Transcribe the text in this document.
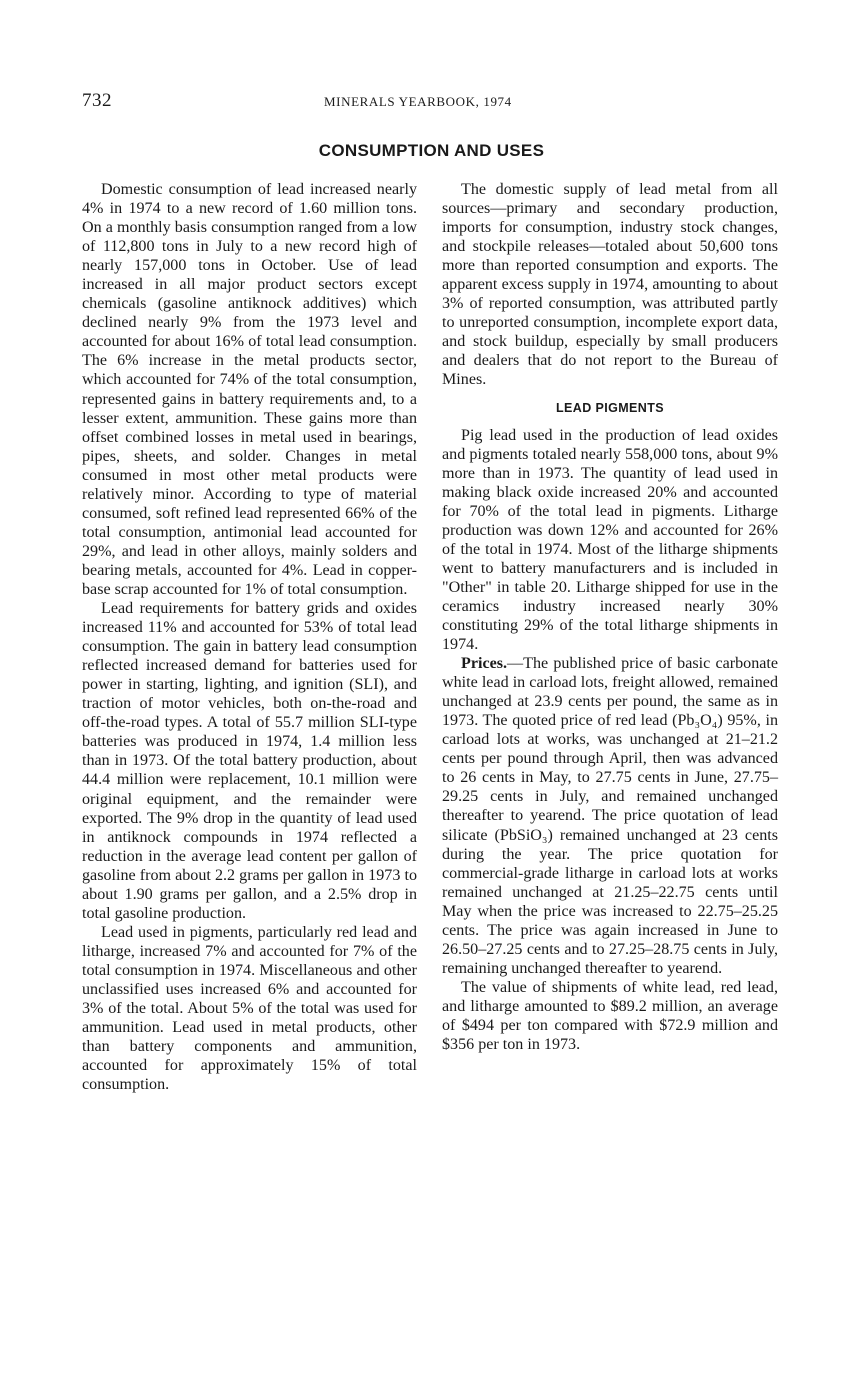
732	MINERALS YEARBOOK, 1974
CONSUMPTION AND USES

Domestic consumption of lead increased nearly 4% in 1974 to a new record of 1.60 million tons. On a monthly basis consumption ranged from a low of 112,800 tons in July to a new record high of nearly 157,000 tons in October. Use of lead increased in all major product sectors except chemicals (gasoline antiknock additives) which declined nearly 9% from the 1973 level and accounted for about 16% of total lead consumption. The 6% increase in the metal products sector, which accounted for 74% of the total consumption, represented gains in battery requirements and, to a lesser extent, ammunition. These gains more than offset combined losses in metal used in bearings, pipes, sheets, and solder. Changes in metal consumed in most other metal products were relatively minor. According to type of material consumed, soft refined lead represented 66% of the total consumption, antimonial lead accounted for 29%, and lead in other alloys, mainly solders and bearing metals, accounted for 4%. Lead in copper-base scrap accounted for 1% of total consumption.

Lead requirements for battery grids and oxides increased 11% and accounted for 53% of total lead consumption. The gain in battery lead consumption reflected increased demand for batteries used for power in starting, lighting, and ignition (SLI), and traction of motor vehicles, both on-the-road and off-the-road types. A total of 55.7 million SLI-type batteries was produced in 1974, 1.4 million less than in 1973. Of the total battery production, about 44.4 million were replacement, 10.1 million were original equipment, and the remainder were exported. The 9% drop in the quantity of lead used in antiknock compounds in 1974 reflected a reduction in the average lead content per gallon of gasoline from about 2.2 grams per gallon in 1973 to about 1.90 grams per gallon, and a 2.5% drop in total gasoline production.

Lead used in pigments, particularly red lead and litharge, increased 7% and accounted for 7% of the total consumption in 1974. Miscellaneous and other unclassified uses increased 6% and accounted for 3% of the total. About 5% of the total was used for ammunition. Lead used in metal products, other than battery components and ammunition, accounted for approximately 15% of total consumption.

The domestic supply of lead metal from all sources—primary and secondary production, imports for consumption, industry stock changes, and stockpile releases—totaled about 50,600 tons more than reported consumption and exports. The apparent excess supply in 1974, amounting to about 3% of reported consumption, was attributed partly to unreported consumption, incomplete export data, and stock buildup, especially by small producers and dealers that do not report to the Bureau of Mines.

LEAD PIGMENTS

Pig lead used in the production of lead oxides and pigments totaled nearly 558,000 tons, about 9% more than in 1973. The quantity of lead used in making black oxide increased 20% and accounted for 70% of the total lead in pigments. Litharge production was down 12% and accounted for 26% of the total in 1974. Most of the litharge shipments went to battery manufacturers and is included in "Other" in table 20. Litharge shipped for use in the ceramics industry increased nearly 30% constituting 29% of the total litharge shipments in 1974.

Prices.—The published price of basic carbonate white lead in carload lots, freight allowed, remained unchanged at 23.9 cents per pound, the same as in 1973. The quoted price of red lead (Pb₃O₄) 95%, in carload lots at works, was unchanged at 21–21.2 cents per pound through April, then was advanced to 26 cents in May, to 27.75 cents in June, 27.75–29.25 cents in July, and remained unchanged thereafter to yearend. The price quotation of lead silicate (PbSiO₃) remained unchanged at 23 cents during the year. The price quotation for commercial-grade litharge in carload lots at works remained unchanged at 21.25–22.75 cents until May when the price was increased to 22.75–25.25 cents. The price was again increased in June to 26.50–27.25 cents and to 27.25–28.75 cents in July, remaining unchanged thereafter to yearend.

The value of shipments of white lead, red lead, and litharge amounted to $89.2 million, an average of $494 per ton compared with $72.9 million and $356 per ton in 1973.
